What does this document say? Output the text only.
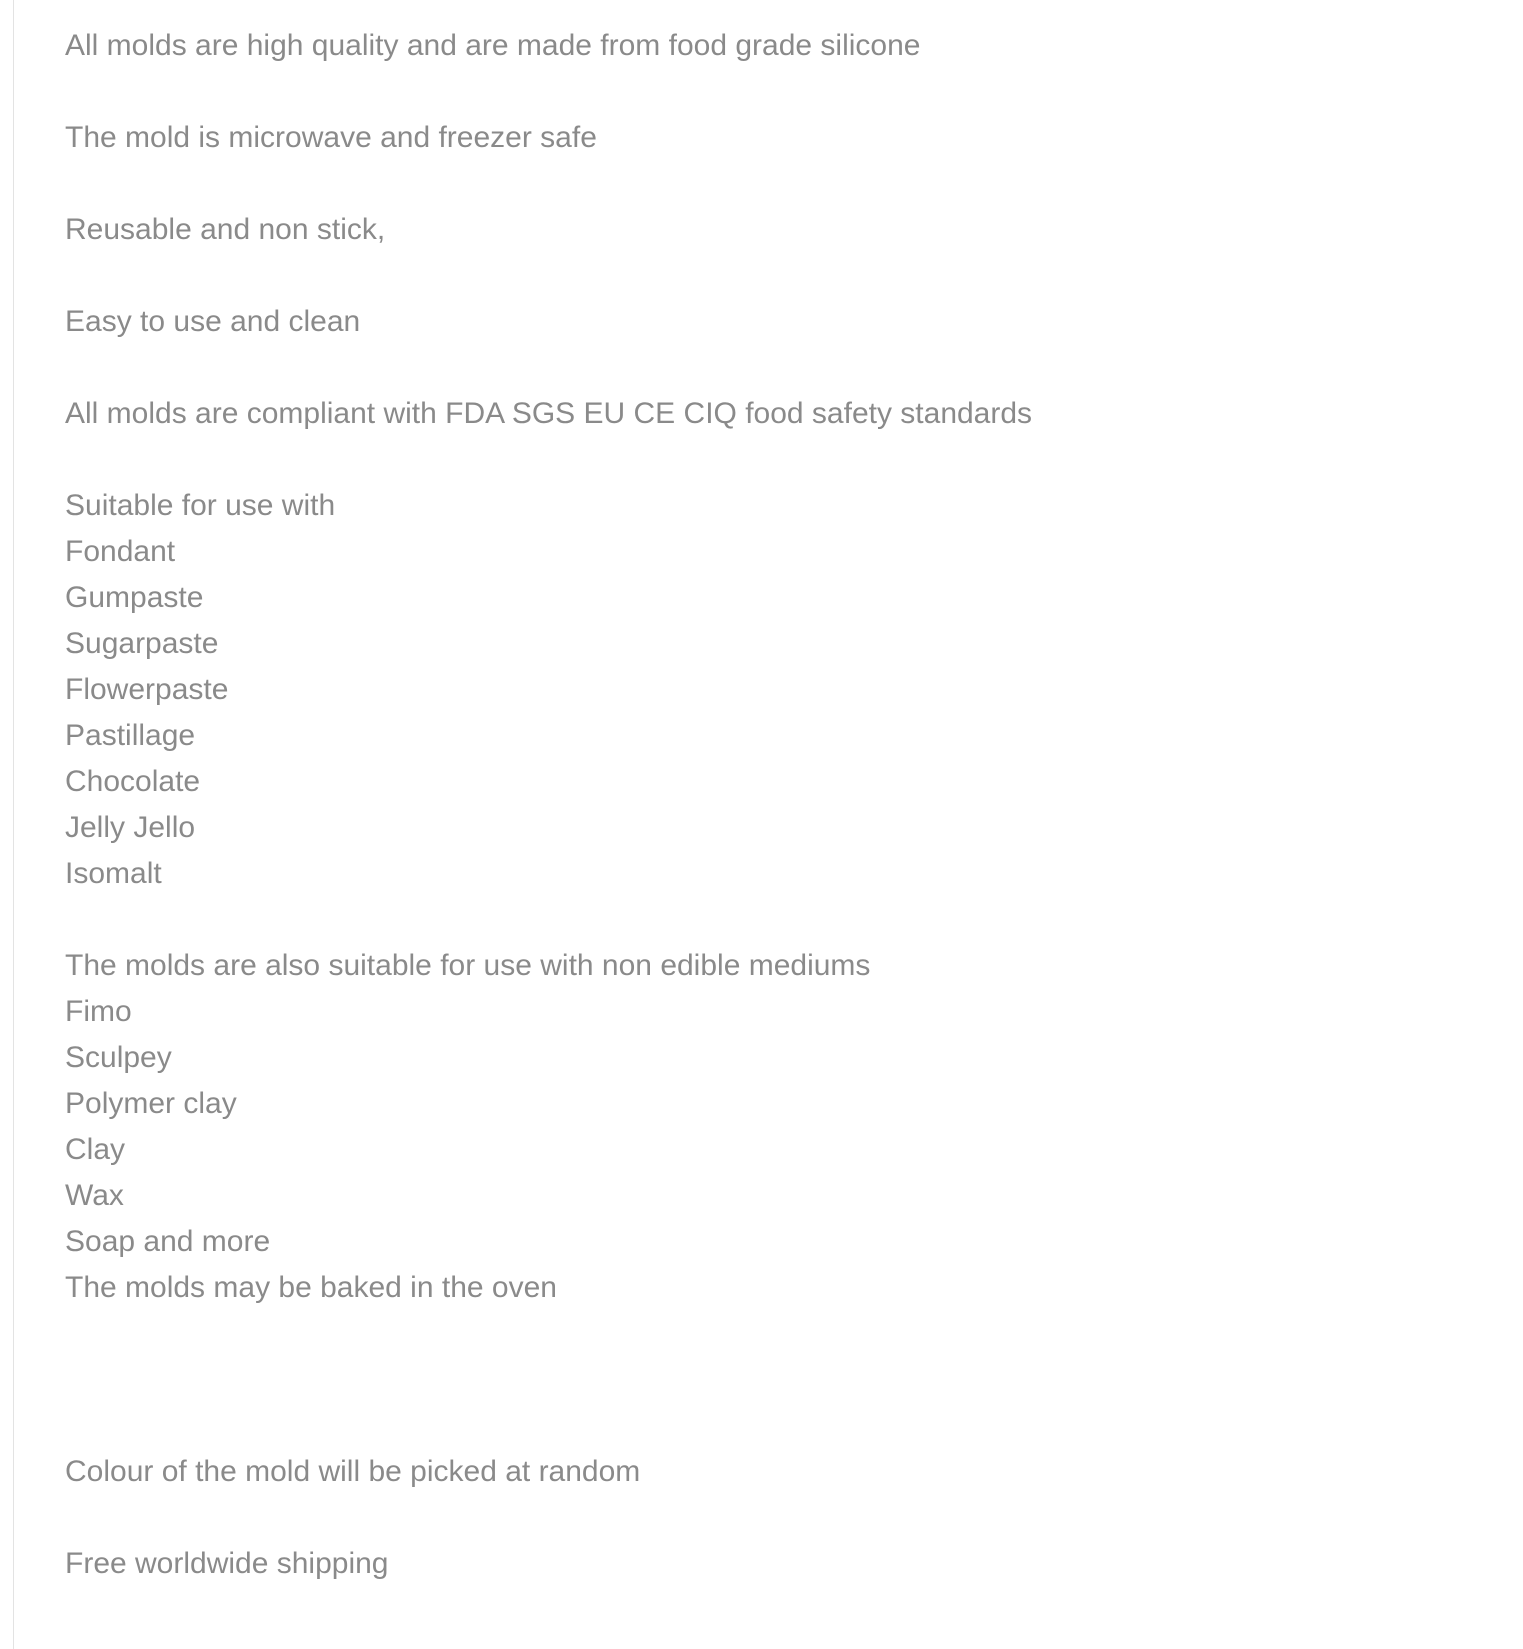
All molds are high quality and are made from food grade silicone
The mold is microwave and freezer safe
Reusable and non stick,
Easy to use and clean
All molds are compliant with FDA SGS EU CE CIQ food safety standards
Suitable for use with
Fondant
Gumpaste
Sugarpaste
Flowerpaste
Pastillage
Chocolate
Jelly Jello
Isomalt
The molds are also suitable for use with non edible mediums
Fimo
Sculpey
Polymer clay
Clay
Wax
Soap and more
The molds may be baked in the oven
Colour of the mold will be picked at random
Free worldwide shipping
